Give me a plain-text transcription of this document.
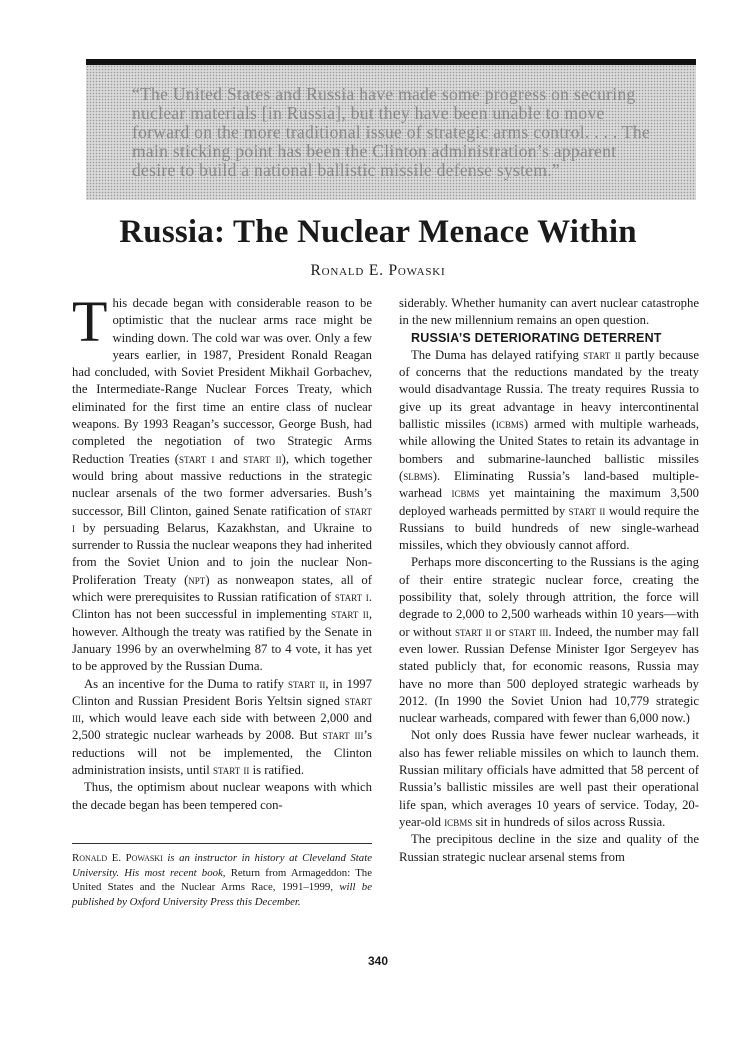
“The United States and Russia have made some progress on securing nuclear materials [in Russia], but they have been unable to move forward on the more traditional issue of strategic arms control. . . . The main sticking point has been the Clinton administration’s apparent desire to build a national ballistic missile defense system.”

Russia: The Nuclear Menace Within

Ronald E. Powaski

This decade began with considerable reason to be optimistic that the nuclear arms race might be winding down. The cold war was over. Only a few years earlier, in 1987, President Ronald Reagan had concluded, with Soviet President Mikhail Gorbachev, the Intermediate-Range Nuclear Forces Treaty, which eliminated for the first time an entire class of nuclear weapons. By 1993 Reagan’s successor, George Bush, had completed the negotiation of two Strategic Arms Reduction Treaties (start i and start ii), which together would bring about massive reductions in the strategic nuclear arsenals of the two former adversaries. Bush’s successor, Bill Clinton, gained Senate ratification of start i by persuading Belarus, Kazakhstan, and Ukraine to surrender to Russia the nuclear weapons they had inherited from the Soviet Union and to join the nuclear Non-Proliferation Treaty (npt) as nonweapon states, all of which were prerequisites to Russian ratification of start i. Clinton has not been successful in implementing start ii, however. Although the treaty was ratified by the Senate in January 1996 by an overwhelming 87 to 4 vote, it has yet to be approved by the Russian Duma.

As an incentive for the Duma to ratify start ii, in 1997 Clinton and Russian President Boris Yeltsin signed start iii, which would leave each side with between 2,000 and 2,500 strategic nuclear warheads by 2008. But start iii’s reductions will not be implemented, the Clinton administration insists, until start ii is ratified.

Thus, the optimism about nuclear weapons with which the decade began has been tempered con-

siderably. Whether humanity can avert nuclear catastrophe in the new millennium remains an open question.

RUSSIA’S DETERIORATING DETERRENT

The Duma has delayed ratifying start ii partly because of concerns that the reductions mandated by the treaty would disadvantage Russia. The treaty requires Russia to give up its great advantage in heavy intercontinental ballistic missiles (icbms) armed with multiple warheads, while allowing the United States to retain its advantage in bombers and submarine-launched ballistic missiles (slbms). Eliminating Russia’s land-based multiple-warhead icbms yet maintaining the maximum 3,500 deployed warheads permitted by start ii would require the Russians to build hundreds of new single-warhead missiles, which they obviously cannot afford.

Perhaps more disconcerting to the Russians is the aging of their entire strategic nuclear force, creating the possibility that, solely through attrition, the force will degrade to 2,000 to 2,500 warheads within 10 years—with or without start ii or start iii. Indeed, the number may fall even lower. Russian Defense Minister Igor Sergeyev has stated publicly that, for economic reasons, Russia may have no more than 500 deployed strategic warheads by 2012. (In 1990 the Soviet Union had 10,779 strategic nuclear warheads, compared with fewer than 6,000 now.)

Not only does Russia have fewer nuclear warheads, it also has fewer reliable missiles on which to launch them. Russian military officials have admitted that 58 percent of Russia’s ballistic missiles are well past their operational life span, which averages 10 years of service. Today, 20-year-old icbms sit in hundreds of silos across Russia.

The precipitous decline in the size and quality of the Russian strategic nuclear arsenal stems from

Ronald E. Powaski is an instructor in history at Cleveland State University. His most recent book, Return from Armageddon: The United States and the Nuclear Arms Race, 1991–1999, will be published by Oxford University Press this December.
340
